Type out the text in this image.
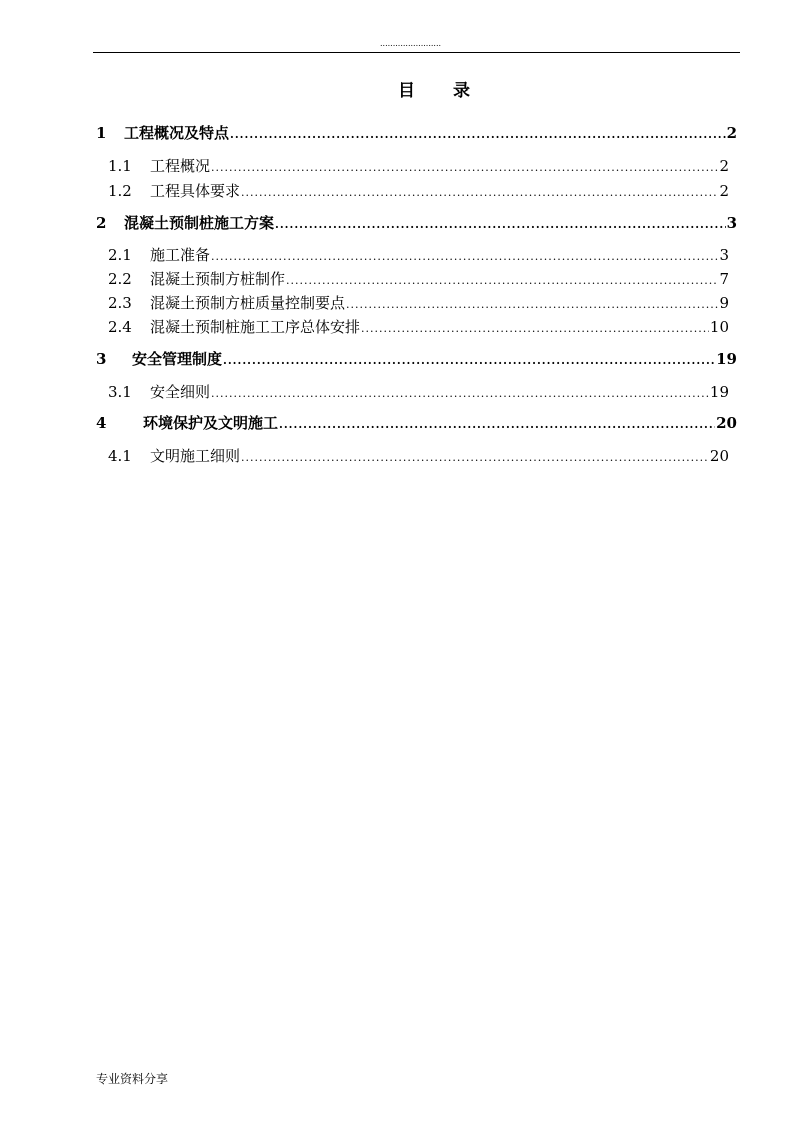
........................
目 录
1	工程概况及特点 .....	2
1.1	工程概况 .....	2
1.2	工程具体要求 .....	2
2	混凝土预制桩施工方案 .....	3
2.1	施工准备 .....	3
2.2	混凝土预制方桩制作 .....	7
2.3	混凝土预制方桩质量控制要点 .....	9
2.4	混凝土预制桩施工工序总体安排 .....	10
3	安全管理制度 .....	19
3.1	安全细则 .....	19
4	环境保护及文明施工 .....	20
4.1	文明施工细则 .....	20
专业资料分享
